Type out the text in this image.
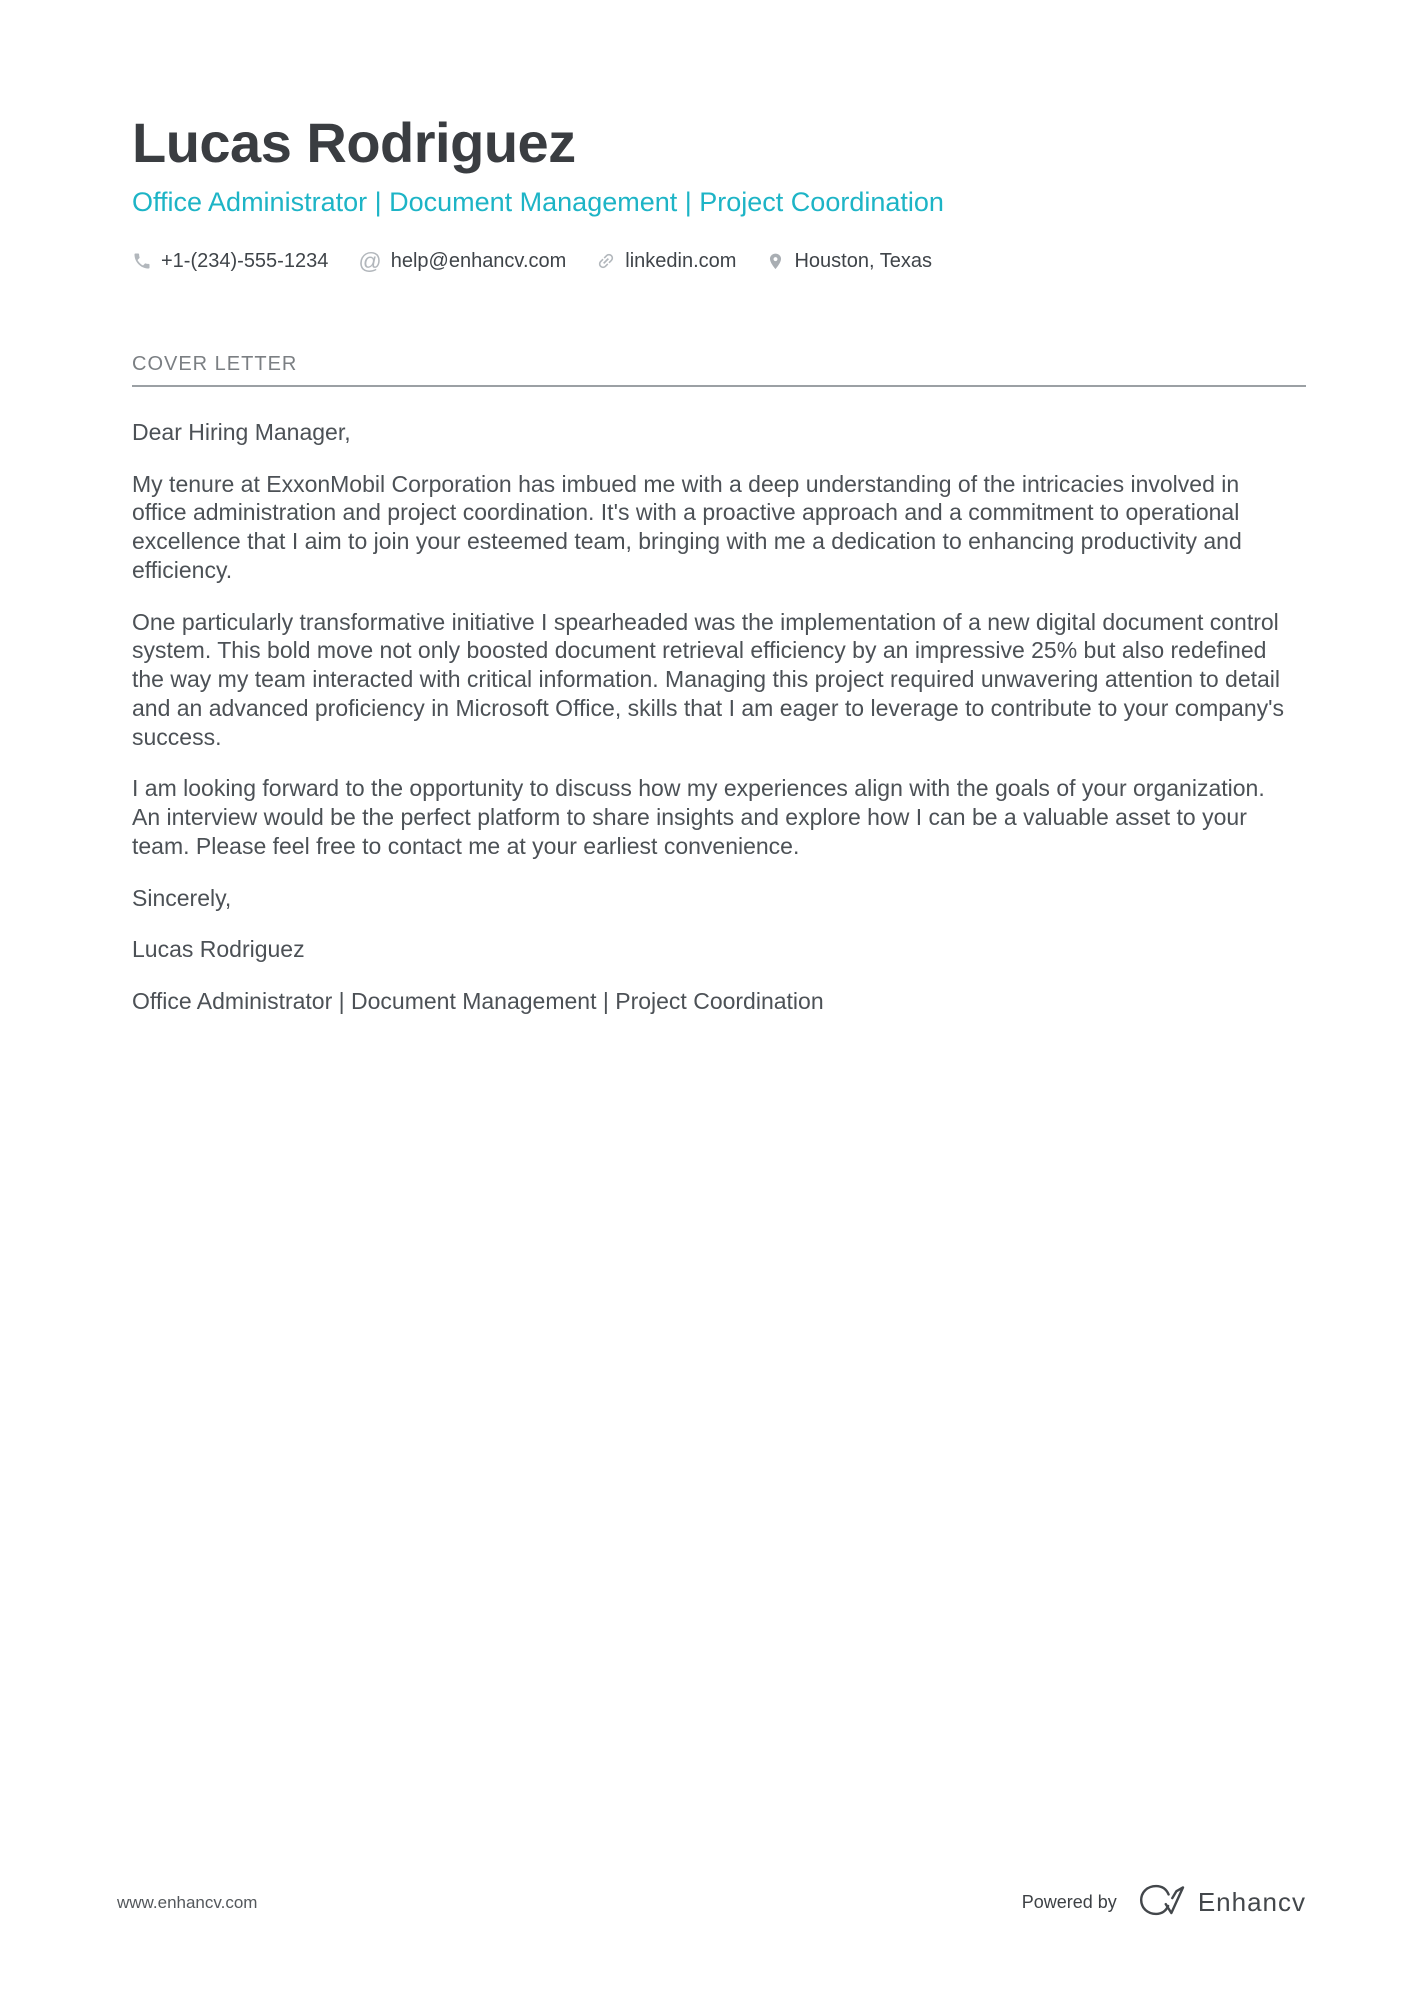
Lucas Rodriguez
Office Administrator | Document Management | Project Coordination
+1-(234)-555-1234 @ help@enhancv.com	linkedin.com	Houston, Texas
COVER LETTER

Dear Hiring Manager,

My tenure at ExxonMobil Corporation has imbued me with a deep understanding of the intricacies involved in office administration and project coordination. It's with a proactive approach and a commitment to operational excellence that I aim to join your esteemed team, bringing with me a dedication to enhancing productivity and efficiency.

One particularly transformative initiative I spearheaded was the implementation of a new digital document control system. This bold move not only boosted document retrieval efficiency by an impressive 25% but also redefined the way my team interacted with critical information. Managing this project required unwavering attention to detail and an advanced proficiency in Microsoft Office, skills that I am eager to leverage to contribute to your company's success.

I am looking forward to the opportunity to discuss how my experiences align with the goals of your organization. An interview would be the perfect platform to share insights and explore how I can be a valuable asset to your team. Please feel free to contact me at your earliest convenience.

Sincerely,

Lucas Rodriguez

Office Administrator | Document Management | Project Coordination

www.enhancv.com	Powered by	Enhancv
